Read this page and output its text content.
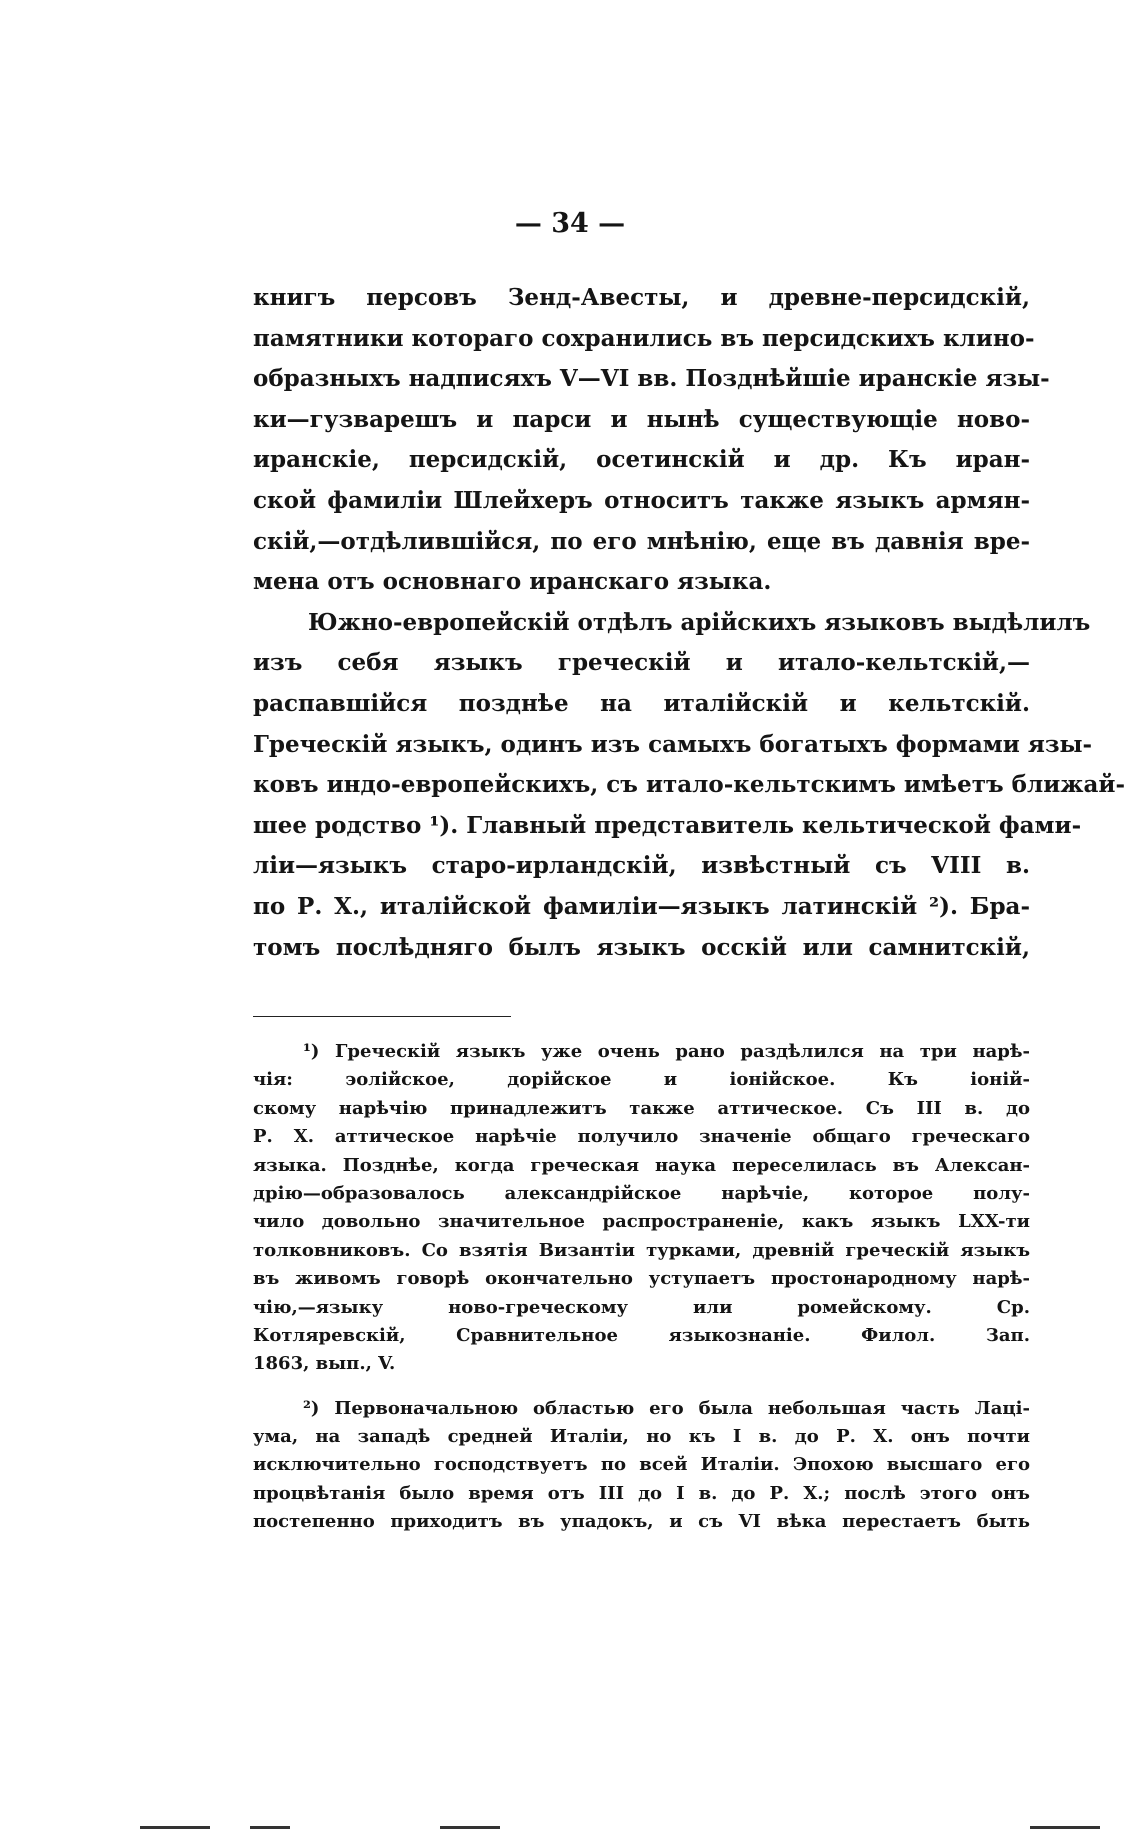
— 34 —
книгъ персовъ Зенд-Авесты, и древне-персидскій,
памятники котораго сохранились въ персидскихъ клино-
образныхъ надписяхъ V—VI вв. Позднѣйшіе иранскіе язы-
ки—гузварешъ и парси и нынѣ существующіе ново-
иранскіе, персидскій, осетинскій и др. Къ иран-
ской фамиліи Шлейхеръ относитъ также языкъ армян-
скій,—отдѣлившійся, по его мнѣнію, еще въ давнія вре-
мена отъ основнаго иранскаго языка.
Южно-европейскій отдѣлъ арійскихъ языковъ выдѣлилъ
изъ себя языкъ греческій и итало-кельтскій,—
распавшійся позднѣе на италійскій и кельтскій.
Греческій языкъ, одинъ изъ самыхъ богатыхъ формами язы-
ковъ индо-европейскихъ, съ итало-кельтскимъ имѣетъ ближай-
шее родство ¹). Главный представитель кельтической фами-
ліи—языкъ старо-ирландскій, извѣстный съ VIII в.
по Р. X., италійской фамиліи—языкъ латинскій ²). Бра-
томъ послѣдняго былъ языкъ осскій или самнитскій,
¹) Греческій языкъ уже очень рано раздѣлился на три нарѣ-
чія: эолійское, дорійское и іонійское. Къ іоній-
скому нарѣчію принадлежитъ также аттическое. Съ III в. до
Р. X. аттическое нарѣчіе получило значеніе общаго греческаго
языка. Позднѣе, когда греческая наука переселилась въ Алексан-
дрію—образовалось александрійское нарѣчіе, которое полу-
чило довольно значительное распространеніе, какъ языкъ LXX-ти
толковниковъ. Со взятія Византіи турками, древній греческій языкъ
въ живомъ говорѣ окончательно уступаетъ простонародному нарѣ-
чію,—языку ново-греческому или ромейскому. Ср.
Котляревскій, Сравнительное языкознаніе. Филол. Зап.
1863, вып., V.
²) Первоначальною областью его была небольшая часть Лаці-
ума, на западѣ средней Италіи, но къ I в. до Р. X. онъ почти
исключительно господствуетъ по всей Италіи. Эпохою высшаго его
процвѣтанія было время отъ III до I в. до Р. X.; послѣ этого онъ
постепенно приходитъ въ упадокъ, и съ VI вѣка перестаетъ быть
